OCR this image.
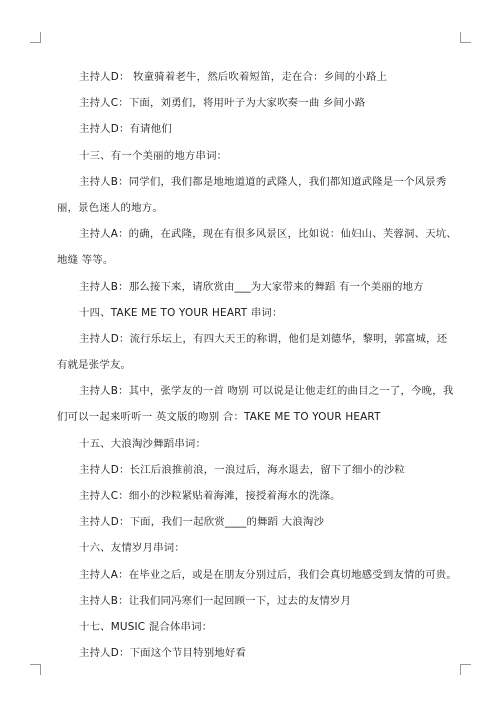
主持人D： 牧童骑着老牛，然后吹着短笛，走在合：乡间的小路上
主持人C：下面，刘勇们，将用叶子为大家吹奏一曲 乡间小路
主持人D：有请他们
十三、有一个美丽的地方串词：
主持人B：同学们，我们都是地地道道的武隆人，我们都知道武隆是一个风景秀
丽，景色迷人的地方。
主持人A：的确，在武隆，现在有很多风景区，比如说：仙妇山、芙蓉洞、天坑、
地缝 等等。
主持人B：那么接下来，请欣赏由___为大家带来的舞蹈 有一个美丽的地方
十四、TAKE ME TO YOUR HEART 串词：
主持人D：流行乐坛上，有四大天王的称谓，他们是刘德华，黎明，郭富城，还
有就是张学友。
主持人B：其中，张学友的一首 吻别 可以说是让他走红的曲目之一了，今晚，我
们可以一起来听听一 英文版的吻别 合：TAKE ME TO YOUR HEART
十五、大浪淘沙舞蹈串词：
主持人D：长江后浪推前浪，一浪过后，海水退去，留下了细小的沙粒
主持人C：细小的沙粒紧贴着海滩，接授着海水的洗涤。
主持人D：下面，我们一起欣赏____的舞蹈 大浪淘沙
十六、友情岁月串词：
主持人A：在毕业之后，或是在朋友分别过后，我们会真切地感受到友情的可贵。
主持人B：让我们同冯寒们一起回顾一下，过去的友情岁月
十七、MUSIC 混合体串词：
主持人D：下面这个节目特别地好看
